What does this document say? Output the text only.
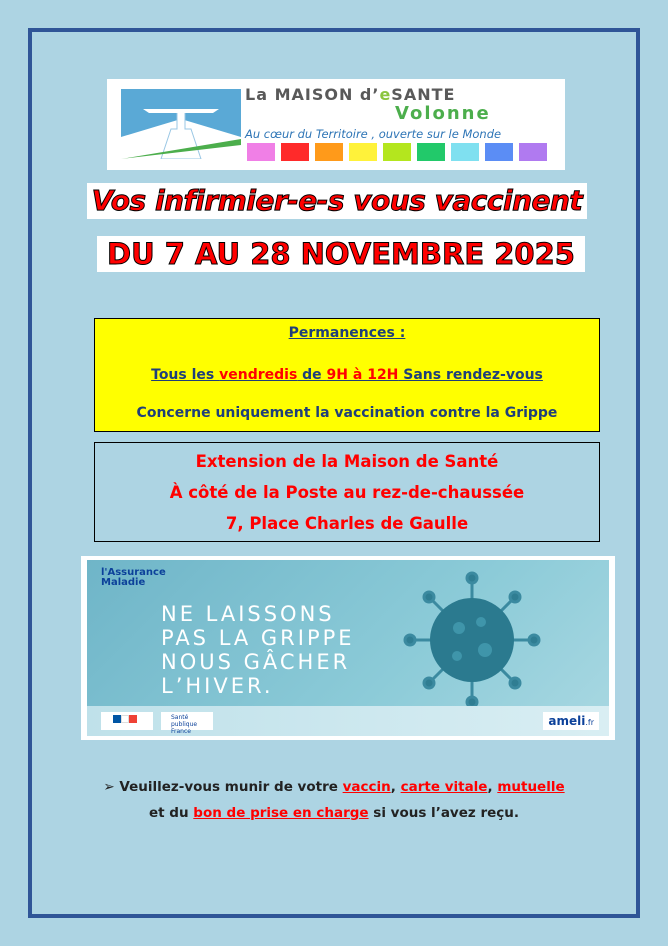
La MAISON d’eSANTE
Volonne
Au cœur du Territoire , ouverte sur le Monde
Vos infirmier-e-s vous vaccinent
DU 7 AU 28 NOVEMBRE 2025
Permanences :
Tous les vendredis de 9H à 12H Sans rendez-vous
Concerne uniquement la vaccination contre la Grippe
Extension de la Maison de Santé
À côté de la Poste au rez-de-chaussée
7, Place Charles de Gaulle
l'Assurance
Maladie
NE LAISSONS
PAS LA GRIPPE
NOUS GÂCHER
L’HIVER.
Santé publique France
ameli.fr
➢ Veuillez-vous munir de votre vaccin, carte vitale, mutuelle
et du bon de prise en charge si vous l’avez reçu.
